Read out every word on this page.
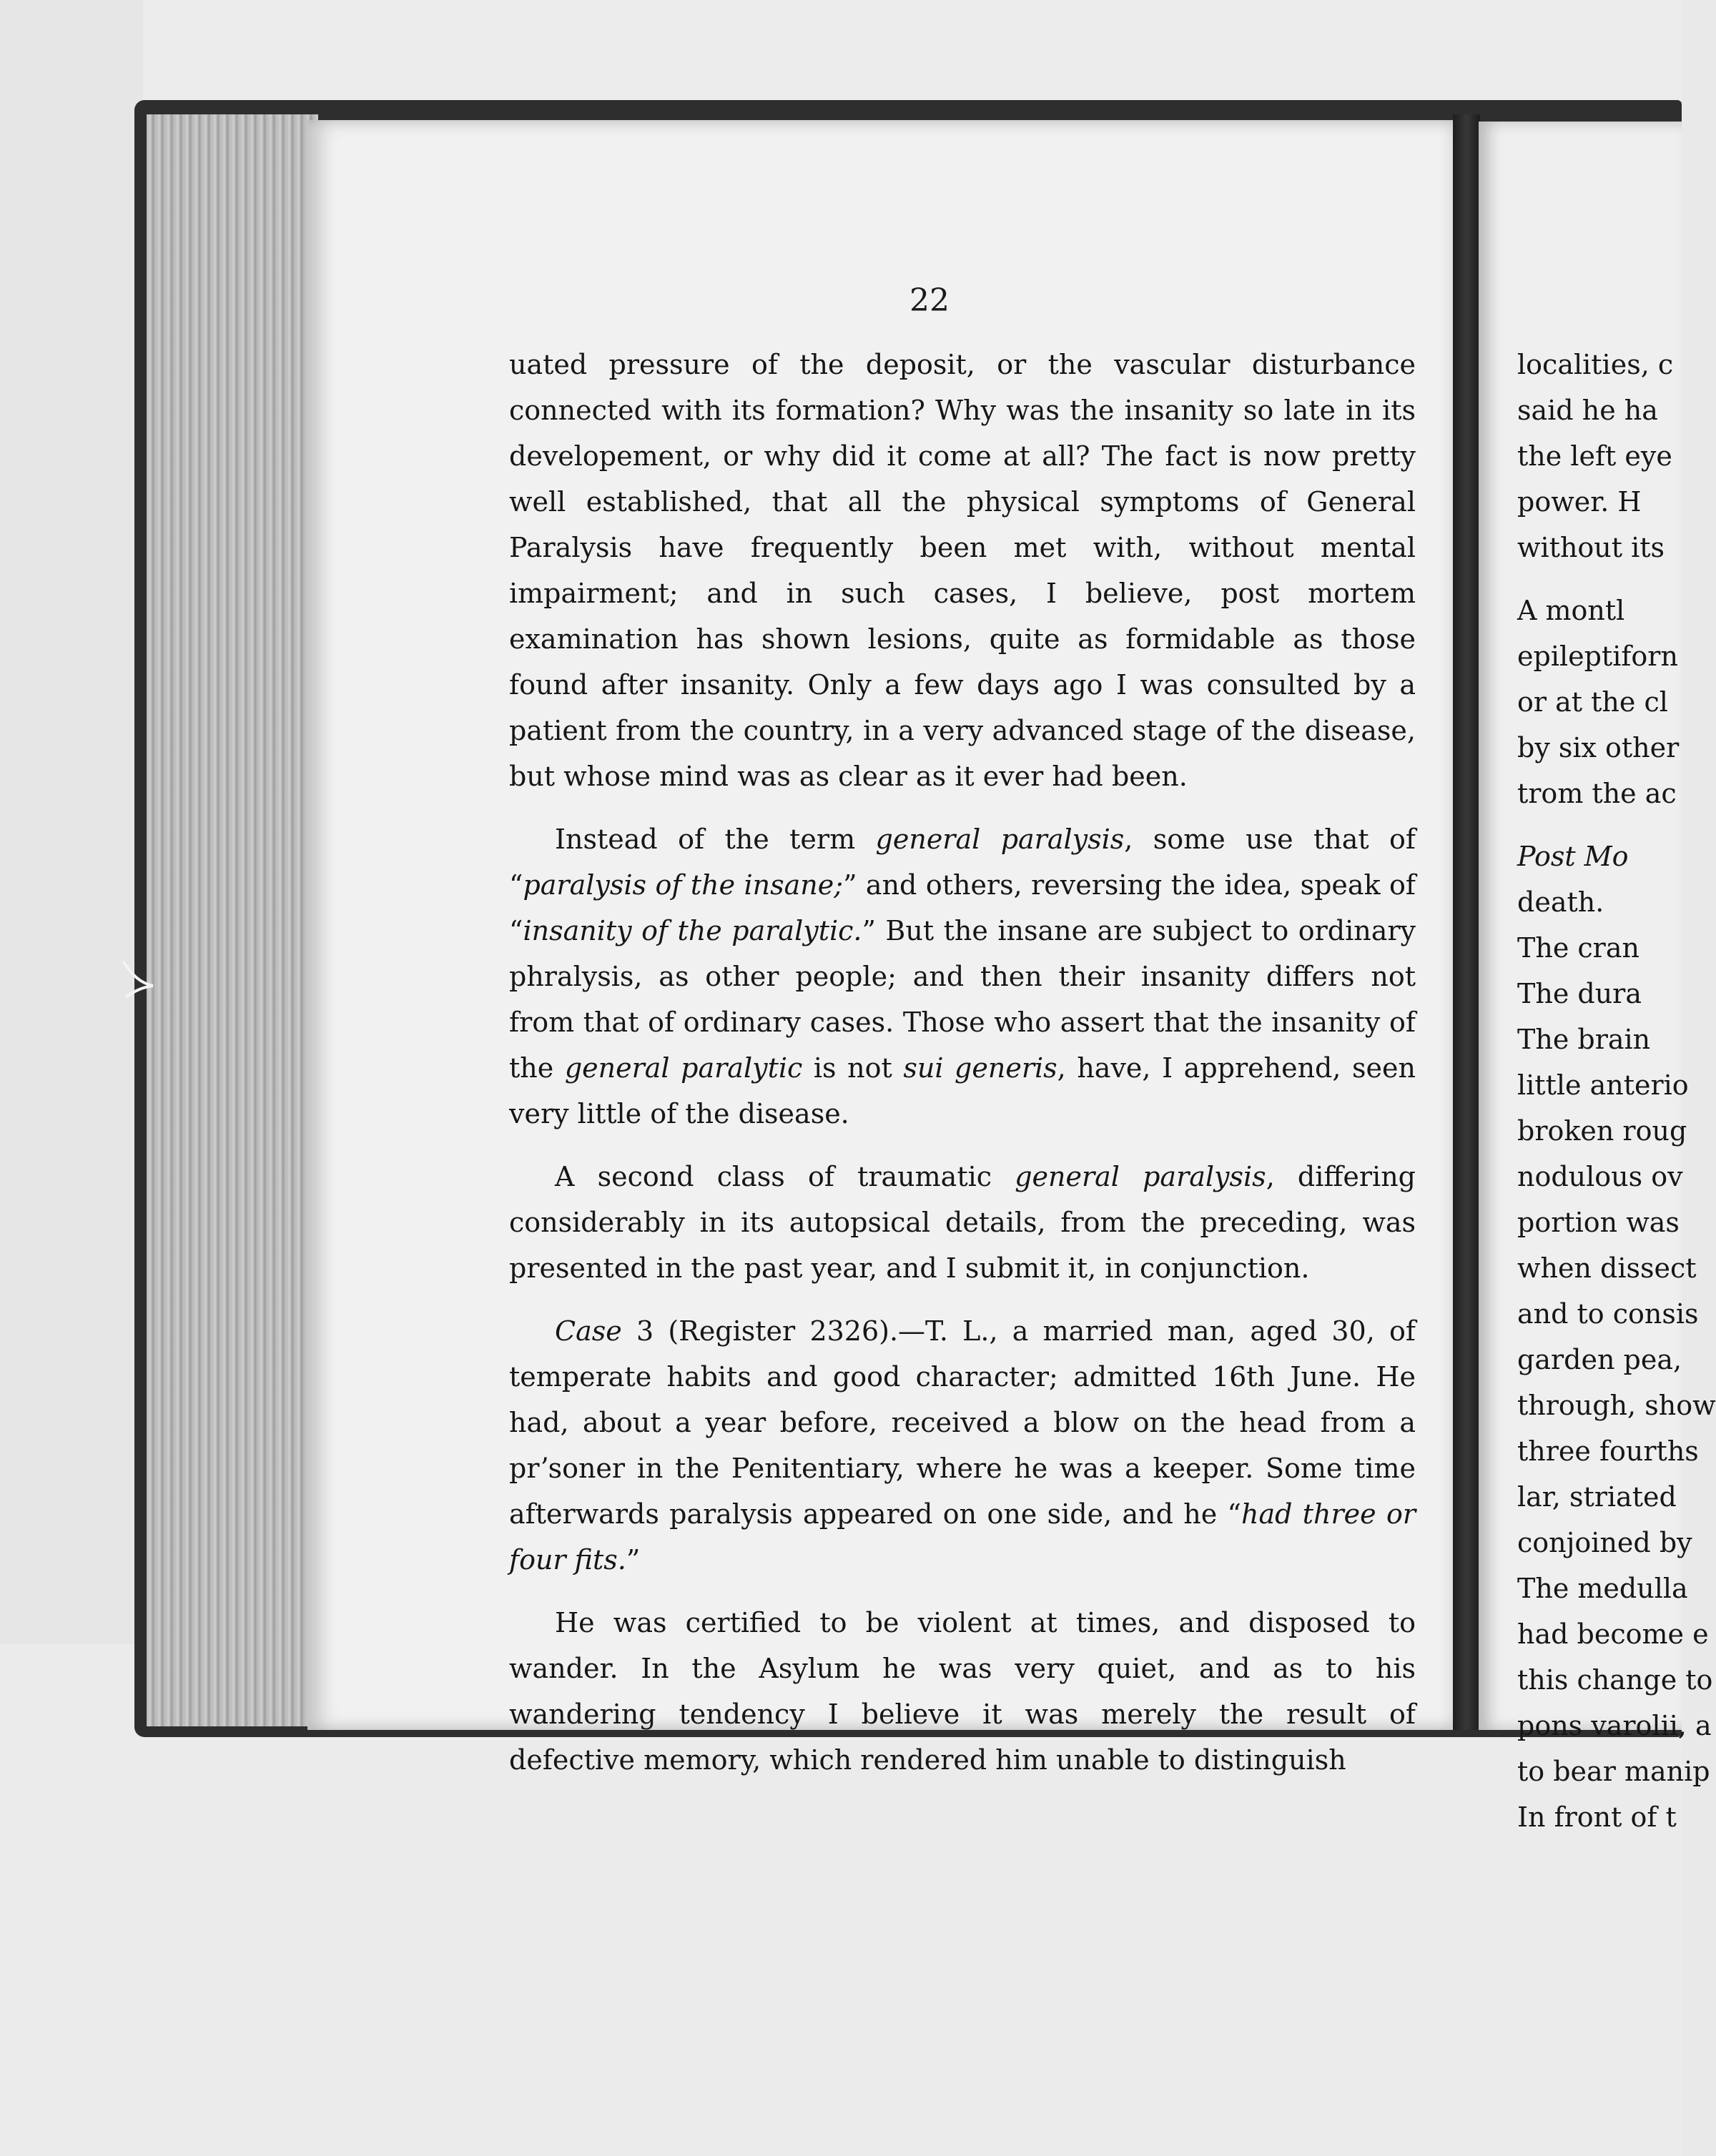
22

uated pressure of the deposit, or the vascular disturbance connected with its formation? Why was the insanity so late in its developement, or why did it come at all? The fact is now pretty well established, that all the physical symptoms of General Paralysis have frequently been met with, without mental impairment; and in such cases, I believe, post mortem examination has shown lesions, quite as formidable as those found after insanity. Only a few days ago I was consulted by a patient from the country, in a very advanced stage of the disease, but whose mind was as clear as it ever had been.

Instead of the term general paralysis, some use that of “paralysis of the insane;” and others, reversing the idea, speak of “insanity of the paralytic.” But the insane are subject to ordinary phralysis, as other people; and then their insanity differs not from that of ordinary cases. Those who assert that the insanity of the general paralytic is not sui generis, have, I apprehend, seen very little of the disease.

A second class of traumatic general paralysis, differing considerably in its autopsical details, from the preceding, was presented in the past year, and I submit it, in conjunction.

Case 3 (Register 2326).—T. L., a married man, aged 30, of temperate habits and good character; admitted 16th June. He had, about a year before, received a blow on the head from a prʼsoner in the Penitentiary, where he was a keeper. Some time afterwards paralysis appeared on one side, and he “had three or four fits.”

He was certified to be violent at times, and disposed to wander. In the Asylum he was very quiet, and as to his wandering tendency I believe it was merely the result of defective memory, which rendered him unable to distinguish

localities, c
said he ha
the left eye
power. H
without its
A montl
epileptiforn
or at the cl
by six other
trom the ac
Post Mo
death.
The cran
The dura
The brain
little anterio
broken roug
nodulous ov
portion was
when dissect
and to consis
garden pea,
through, show
three fourths
lar, striated
conjoined by
The medulla
had become e
this change to
pons varolii, a
to bear manip
In front of t
